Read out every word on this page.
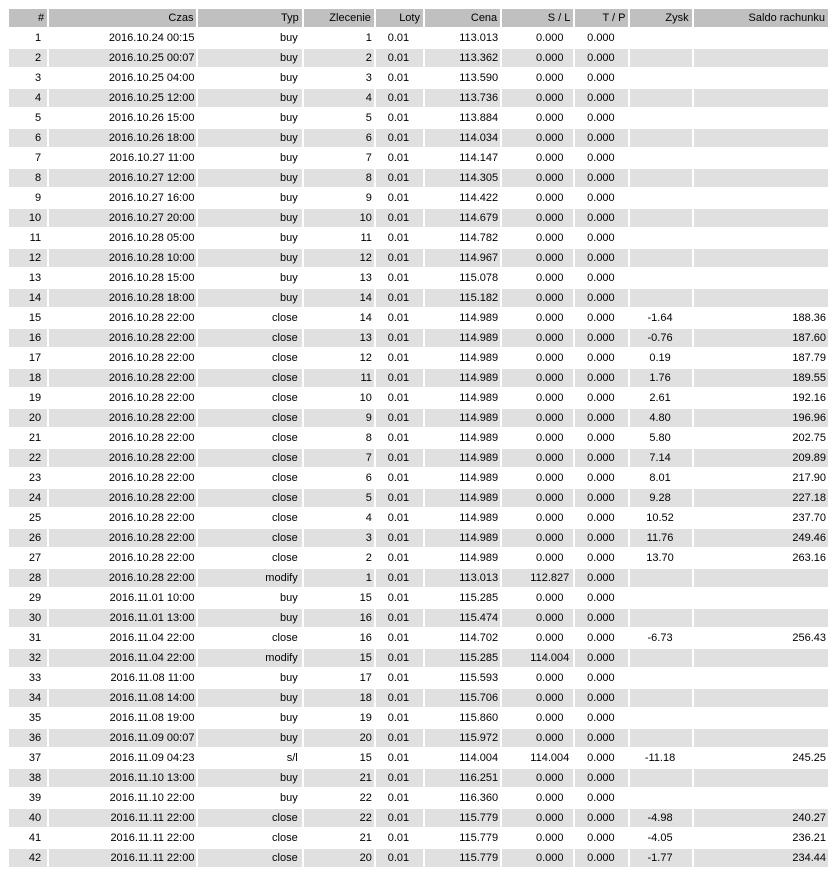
#	Czas	Typ	Zlecenie	Loty	Cena	S / L	T / P	Zysk	Saldo rachunku
1	2016.10.24 00:15	buy	1	0.01	113.013	0.000	0.000		
2	2016.10.25 00:07	buy	2	0.01	113.362	0.000	0.000		
3	2016.10.25 04:00	buy	3	0.01	113.590	0.000	0.000		
4	2016.10.25 12:00	buy	4	0.01	113.736	0.000	0.000		
5	2016.10.26 15:00	buy	5	0.01	113.884	0.000	0.000		
6	2016.10.26 18:00	buy	6	0.01	114.034	0.000	0.000		
7	2016.10.27 11:00	buy	7	0.01	114.147	0.000	0.000		
8	2016.10.27 12:00	buy	8	0.01	114.305	0.000	0.000		
9	2016.10.27 16:00	buy	9	0.01	114.422	0.000	0.000		
10	2016.10.27 20:00	buy	10	0.01	114.679	0.000	0.000		
11	2016.10.28 05:00	buy	11	0.01	114.782	0.000	0.000		
12	2016.10.28 10:00	buy	12	0.01	114.967	0.000	0.000		
13	2016.10.28 15:00	buy	13	0.01	115.078	0.000	0.000		
14	2016.10.28 18:00	buy	14	0.01	115.182	0.000	0.000		
15	2016.10.28 22:00	close	14	0.01	114.989	0.000	0.000	-1.64	188.36
16	2016.10.28 22:00	close	13	0.01	114.989	0.000	0.000	-0.76	187.60
17	2016.10.28 22:00	close	12	0.01	114.989	0.000	0.000	0.19	187.79
18	2016.10.28 22:00	close	11	0.01	114.989	0.000	0.000	1.76	189.55
19	2016.10.28 22:00	close	10	0.01	114.989	0.000	0.000	2.61	192.16
20	2016.10.28 22:00	close	9	0.01	114.989	0.000	0.000	4.80	196.96
21	2016.10.28 22:00	close	8	0.01	114.989	0.000	0.000	5.80	202.75
22	2016.10.28 22:00	close	7	0.01	114.989	0.000	0.000	7.14	209.89
23	2016.10.28 22:00	close	6	0.01	114.989	0.000	0.000	8.01	217.90
24	2016.10.28 22:00	close	5	0.01	114.989	0.000	0.000	9.28	227.18
25	2016.10.28 22:00	close	4	0.01	114.989	0.000	0.000	10.52	237.70
26	2016.10.28 22:00	close	3	0.01	114.989	0.000	0.000	11.76	249.46
27	2016.10.28 22:00	close	2	0.01	114.989	0.000	0.000	13.70	263.16
28	2016.10.28 22:00	modify	1	0.01	113.013	112.827	0.000		
29	2016.11.01 10:00	buy	15	0.01	115.285	0.000	0.000		
30	2016.11.01 13:00	buy	16	0.01	115.474	0.000	0.000		
31	2016.11.04 22:00	close	16	0.01	114.702	0.000	0.000	-6.73	256.43
32	2016.11.04 22:00	modify	15	0.01	115.285	114.004	0.000		
33	2016.11.08 11:00	buy	17	0.01	115.593	0.000	0.000		
34	2016.11.08 14:00	buy	18	0.01	115.706	0.000	0.000		
35	2016.11.08 19:00	buy	19	0.01	115.860	0.000	0.000		
36	2016.11.09 00:07	buy	20	0.01	115.972	0.000	0.000		
37	2016.11.09 04:23	s/l	15	0.01	114.004	114.004	0.000	-11.18	245.25
38	2016.11.10 13:00	buy	21	0.01	116.251	0.000	0.000		
39	2016.11.10 22:00	buy	22	0.01	116.360	0.000	0.000		
40	2016.11.11 22:00	close	22	0.01	115.779	0.000	0.000	-4.98	240.27
41	2016.11.11 22:00	close	21	0.01	115.779	0.000	0.000	-4.05	236.21
42	2016.11.11 22:00	close	20	0.01	115.779	0.000	0.000	-1.77	234.44
